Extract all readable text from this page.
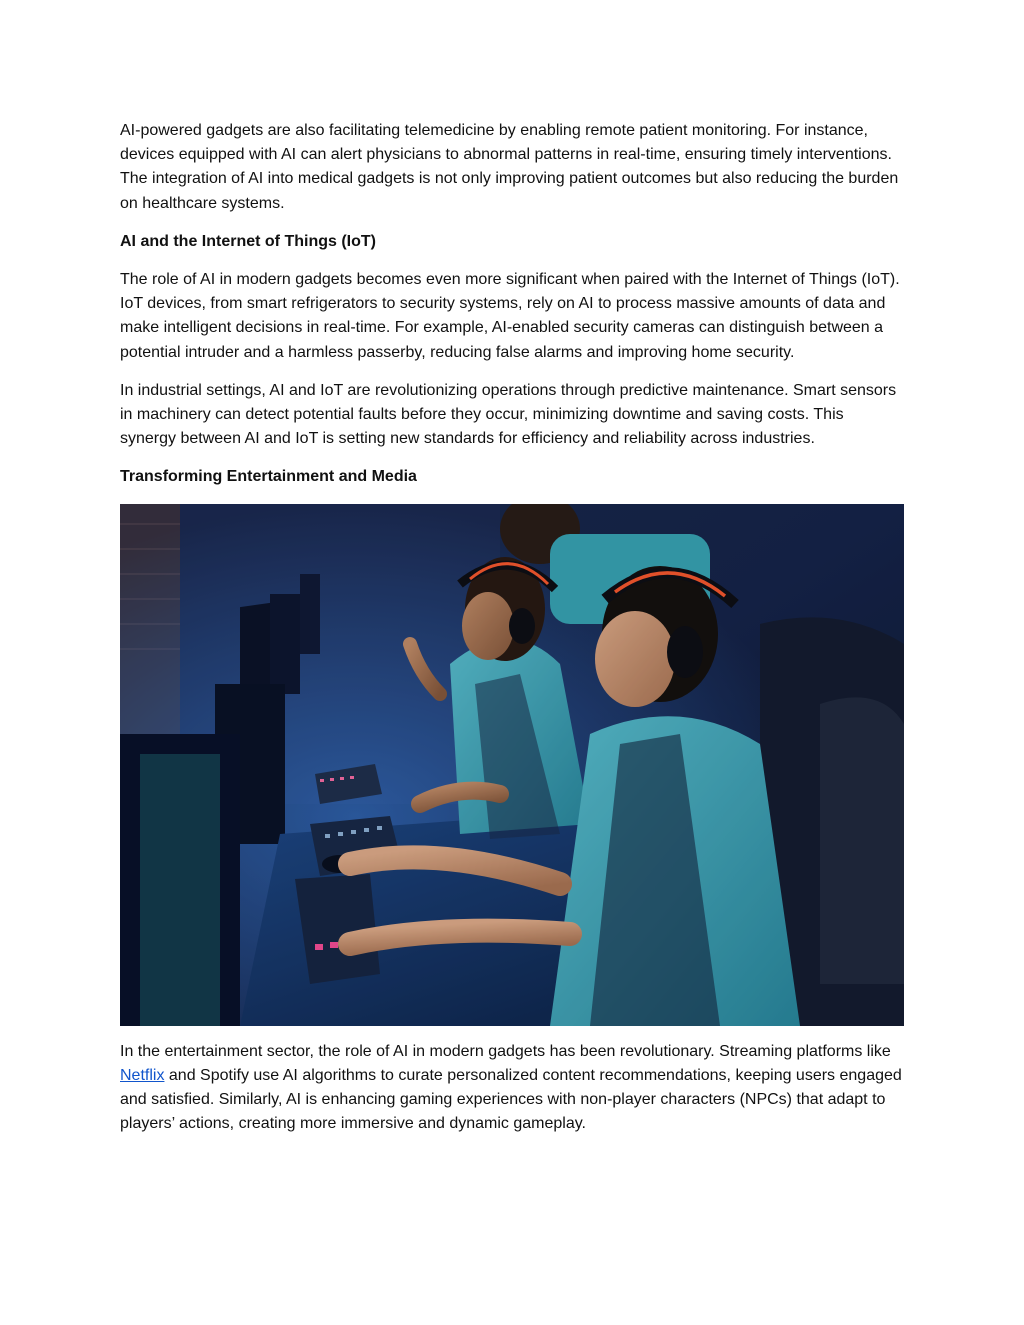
AI-powered gadgets are also facilitating telemedicine by enabling remote patient monitoring. For instance, devices equipped with AI can alert physicians to abnormal patterns in real-time, ensuring timely interventions. The integration of AI into medical gadgets is not only improving patient outcomes but also reducing the burden on healthcare systems.

AI and the Internet of Things (IoT)

The role of AI in modern gadgets becomes even more significant when paired with the Internet of Things (IoT). IoT devices, from smart refrigerators to security systems, rely on AI to process massive amounts of data and make intelligent decisions in real-time. For example, AI-enabled security cameras can distinguish between a potential intruder and a harmless passerby, reducing false alarms and improving home security.

In industrial settings, AI and IoT are revolutionizing operations through predictive maintenance. Smart sensors in machinery can detect potential faults before they occur, minimizing downtime and saving costs. This synergy between AI and IoT is setting new standards for efficiency and reliability across industries.

Transforming Entertainment and Media

In the entertainment sector, the role of AI in modern gadgets has been revolutionary. Streaming platforms like Netflix and Spotify use AI algorithms to curate personalized content recommendations, keeping users engaged and satisfied. Similarly, AI is enhancing gaming experiences with non-player characters (NPCs) that adapt to players’ actions, creating more immersive and dynamic gameplay.
